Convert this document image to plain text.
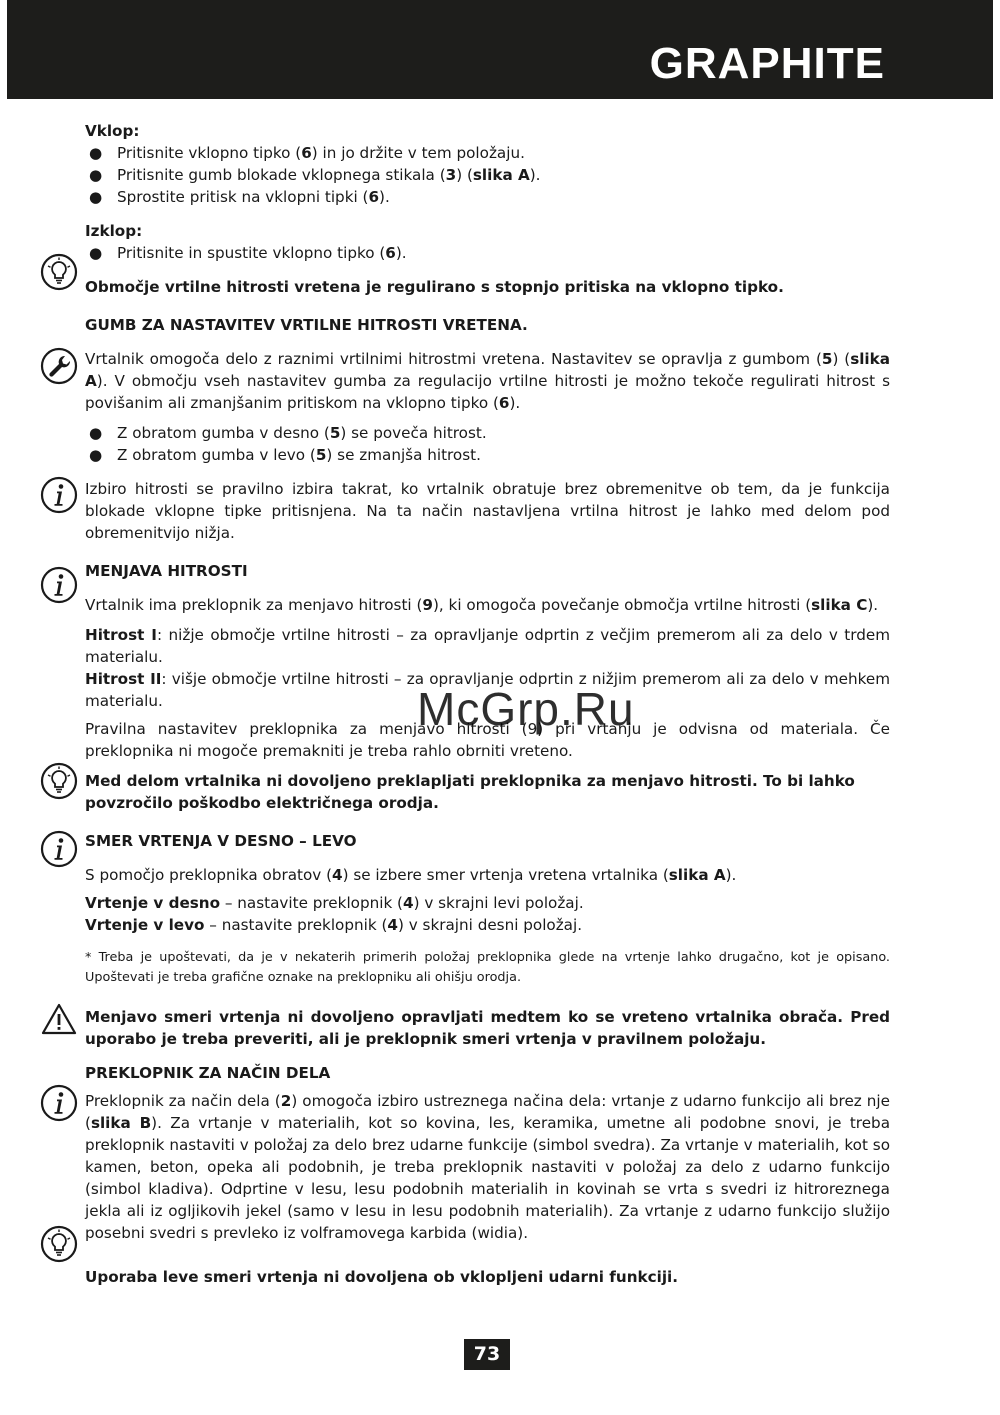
GRAPHITE

Vklop:

● Pritisnite vklopno tipko (6) in jo držite v tem položaju.

● Pritisnite gumb blokade vklopnega stikala (3) (slika A).

● Sprostite pritisk na vklopni tipki (6).

Izklop:

● Pritisnite in spustite vklopno tipko (6).

Območje vrtilne hitrosti vretena je regulirano s stopnjo pritiska na vklopno tipko.

GUMB ZA NASTAVITEV VRTILNE HITROSTI VRETENA.

Vrtalnik omogoča delo z raznimi vrtilnimi hitrostmi vretena. Nastavitev se opravlja z gumbom (5) (slika A). V območju vseh nastavitev gumba za regulacijo vrtilne hitrosti je možno tekoče regulirati hitrost s povišanim ali zmanjšanim pritiskom na vklopno tipko (6).

● Z obratom gumba v desno (5) se poveča hitrost.

● Z obratom gumba v levo (5) se zmanjša hitrost.

Izbiro hitrosti se pravilno izbira takrat, ko vrtalnik obratuje brez obremenitve ob tem, da je funkcija blokade vklopne tipke pritisnjena. Na ta način nastavljena vrtilna hitrost je lahko med delom pod obremenitvijo nižja.

MENJAVA HITROSTI

Vrtalnik ima preklopnik za menjavo hitrosti (9), ki omogoča povečanje območja vrtilne hitrosti (slika C).

Hitrost I: nižje območje vrtilne hitrosti – za opravljanje odprtin z večjim premerom ali za delo v trdem materialu.

Hitrost II: višje območje vrtilne hitrosti – za opravljanje odprtin z nižjim premerom ali za delo v mehkem materialu.

Pravilna nastavitev preklopnika za menjavo hitrosti (9) pri vrtanju je odvisna od materiala. Če preklopnika ni mogoče premakniti je treba rahlo obrniti vreteno.

Med delom vrtalnika ni dovoljeno preklapljati preklopnika za menjavo hitrosti. To bi lahko povzročilo poškodbo električnega orodja.

SMER VRTENJA V DESNO – LEVO

S pomočjo preklopnika obratov (4) se izbere smer vrtenja vretena vrtalnika (slika A).

Vrtenje v desno – nastavite preklopnik (4) v skrajni levi položaj.

Vrtenje v levo – nastavite preklopnik (4) v skrajni desni položaj.

* Treba je upoštevati, da je v nekaterih primerih položaj preklopnika glede na vrtenje lahko drugačno, kot je opisano. Upoštevati je treba grafične oznake na preklopniku ali ohišju orodja.

Menjavo smeri vrtenja ni dovoljeno opravljati medtem ko se vreteno vrtalnika obrača. Pred uporabo je treba preveriti, ali je preklopnik smeri vrtenja v pravilnem položaju.

PREKLOPNIK ZA NAČIN DELA

Preklopnik za način dela (2) omogoča izbiro ustreznega načina dela: vrtanje z udarno funkcijo ali brez nje (slika B). Za vrtanje v materialih, kot so kovina, les, keramika, umetne ali podobne snovi, je treba preklopnik nastaviti v položaj za delo brez udarne funkcije (simbol svedra). Za vrtanje v materialih, kot so kamen, beton, opeka ali podobnih, je treba preklopnik nastaviti v položaj za delo z udarno funkcijo (simbol kladiva). Odprtine v lesu, lesu podobnih materialih in kovinah se vrta s svedri iz hitroreznega jekla ali iz ogljikovih jekel (samo v lesu in lesu podobnih materialih). Za vrtanje z udarno funkcijo služijo posebni svedri s prevleko iz volframovega karbida (widia).

Uporaba leve smeri vrtenja ni dovoljena ob vklopljeni udarni funkciji.

McGrp.Ru
73
